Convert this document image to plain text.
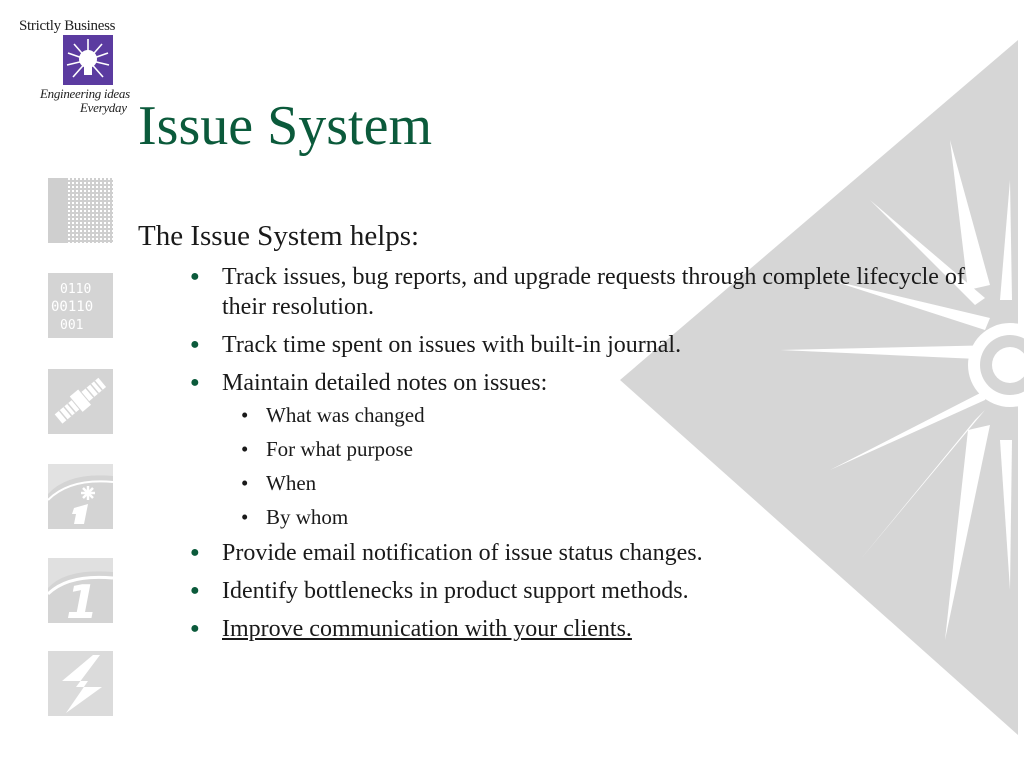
Strictly Business
Engineering ideas
Everyday
0110
00110
001
1
Issue System

The Issue System helps:

● Track issues, bug reports, and upgrade requests through complete lifecycle of their resolution.
● Track time spent on issues with built-in journal.
● Maintain detailed notes on issues:
• What was changed
• For what purpose
• When
• By whom
● Provide email notification of issue status changes.
● Identify bottlenecks in product support methods.
● Improve communication with your clients.
